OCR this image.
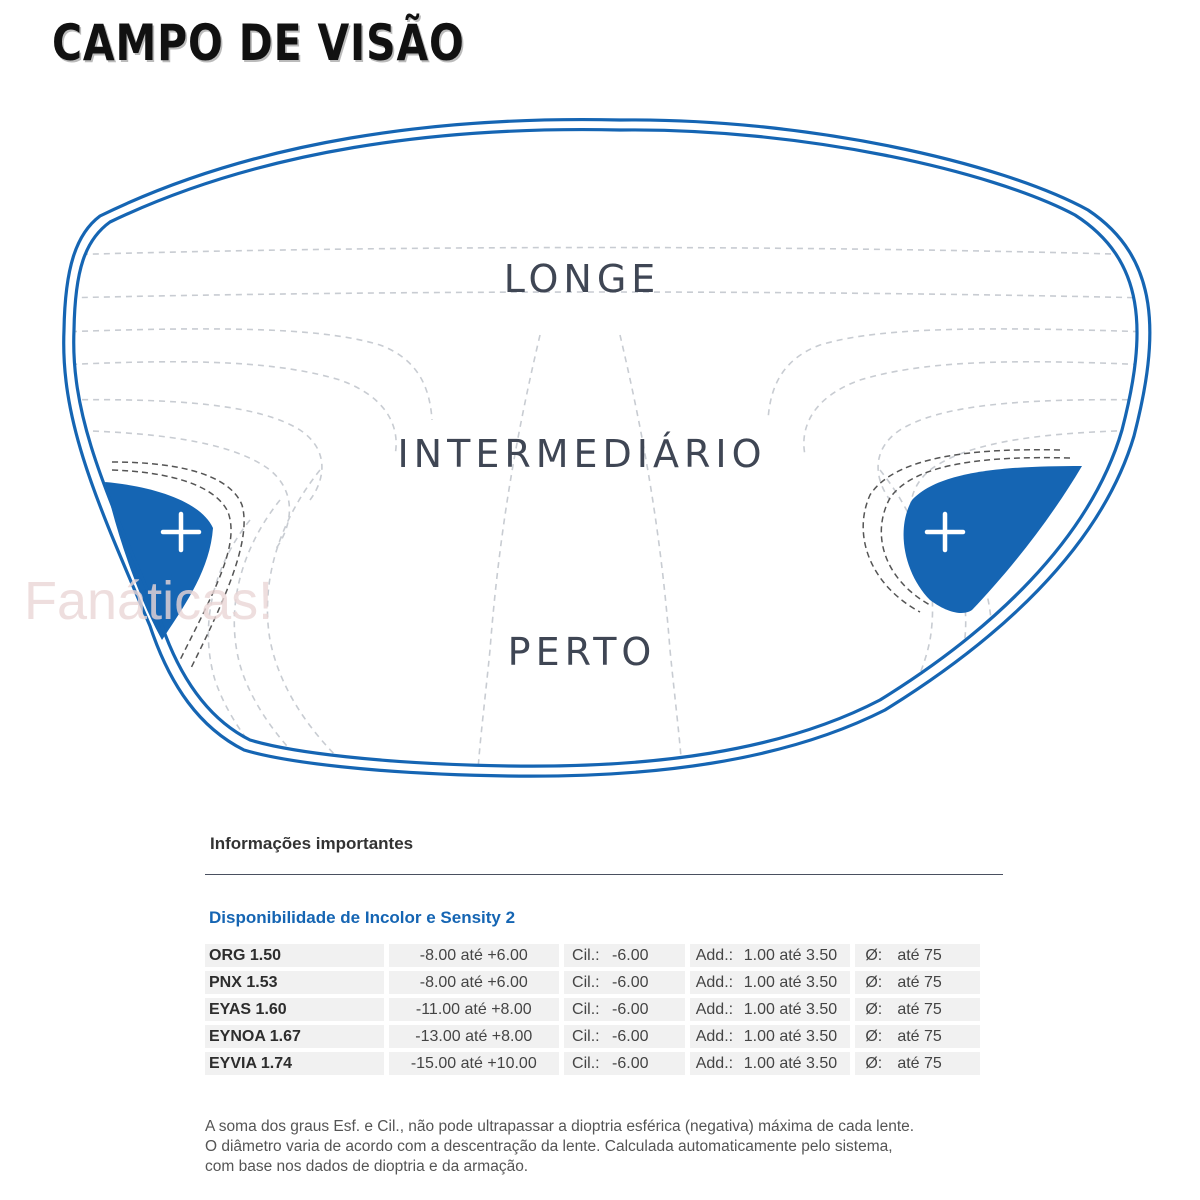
CAMPO DE VISÃO
LONGE
INTERMEDIÁRIO
PERTO
Fanáticas!
Informações importantes
Disponibilidade de Incolor e Sensity 2
ORG 1.50	-8.00 até +6.00	Cil.: -6.00	Add.: 1.00 até 3.50	Ø: até 75
PNX 1.53	-8.00 até +6.00	Cil.: -6.00	Add.: 1.00 até 3.50	Ø: até 75
EYAS 1.60	-11.00 até +8.00	Cil.: -6.00	Add.: 1.00 até 3.50	Ø: até 75
EYNOA 1.67	-13.00 até +8.00	Cil.: -6.00	Add.: 1.00 até 3.50	Ø: até 75
EYVIA 1.74	-15.00 até +10.00	Cil.: -6.00	Add.: 1.00 até 3.50	Ø: até 75
A soma dos graus Esf. e Cil., não pode ultrapassar a dioptria esférica (negativa) máxima de cada lente.
O diâmetro varia de acordo com a descentração da lente. Calculada automaticamente pelo sistema,
com base nos dados de dioptria e da armação.
